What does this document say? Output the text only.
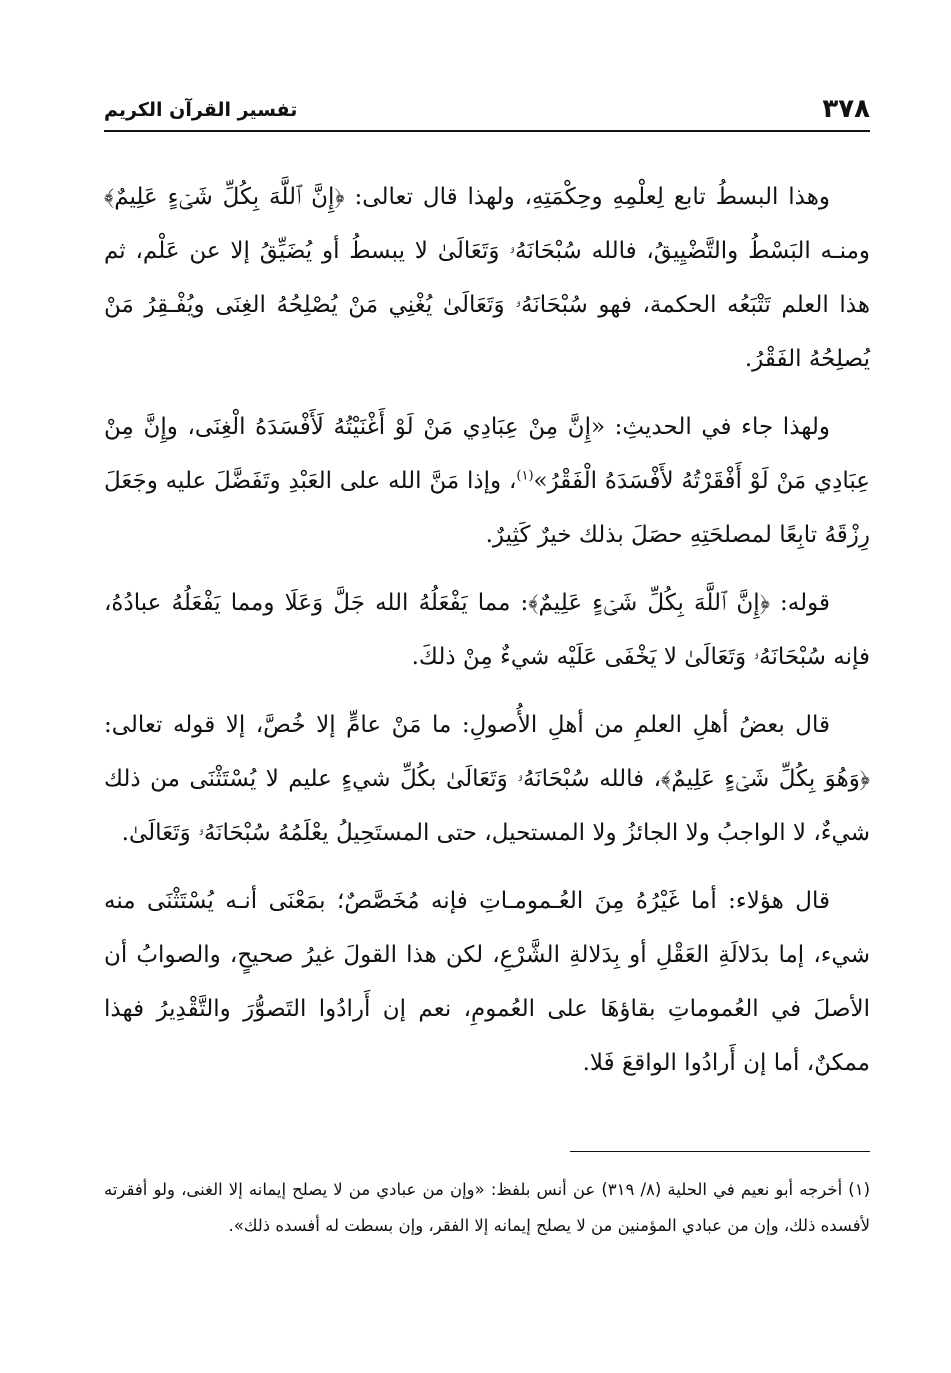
٣٧٨
تفسير القرآن الكريم

وهذا البسطُ تابع لِعلْمِهِ وحِكْمَتِهِ، ولهذا قال تعالى: ﴿إِنَّ ٱللَّهَ بِكُلِّ شَىۡءٍ عَلِيمٌ﴾ ومنـه البَسْطُ والتَّضْيِيقُ، فالله سُبْحَانَهُۥ وَتَعَالَىٰ لا يبسطُ أو يُضَيِّقُ إلا عن عَلْم، ثم هذا العلم تَتْبَعُه الحكمة، فهو سُبْحَانَهُۥ وَتَعَالَىٰ يُغْنِي مَنْ يُصْلِحُهُ الغِنَى ويُفْـقِرُ مَنْ يُصلِحُهُ الفَقْرُ.

ولهذا جاء في الحديثِ: «إِنَّ مِنْ عِبَادِي مَنْ لَوْ أَغْنَيْتُهُ لَأَفْسَدَهُ الْغِنَى، وإِنَّ مِنْ عِبَادِي مَنْ لَوْ أَفْقَرْتُهُ لأَفْسَدَهُ الْفَقْرُ»$^{(١)}$، وإذا مَنَّ الله على العَبْدِ وتَفَضَّلَ عليه وجَعَلَ رِزْقَهُ تابِعًا لمصلحَتِهِ حصَلَ بذلك خيرٌ كَثِيرٌ.

قوله: ﴿إِنَّ ٱللَّهَ بِكُلِّ شَىۡءٍ عَلِيمٌ﴾: مما يَفْعَلُهُ الله جَلَّ وَعَلَا ومما يَفْعَلُهُ عبادُهُ، فإنه سُبْحَانَهُۥ وَتَعَالَىٰ لا يَخْفَى عَلَيْه شيءٌ مِنْ ذلكَ.

قال بعضُ أهلِ العلمِ من أهلِ الأُصولِ: ما مَنْ عامٍّ إلا خُصَّ، إلا قوله تعالى: ﴿وَهُوَ بِكُلِّ شَىۡءٍ عَلِيمٌ﴾، فالله سُبْحَانَهُۥ وَتَعَالَىٰ بكُلِّ شيءٍ عليم لا يُسْتَثْنَى من ذلك شيءٌ، لا الواجبُ ولا الجائزُ ولا المستحيل، حتى المستَحِيلُ يعْلَمُهُ سُبْحَانَهُۥ وَتَعَالَىٰ.

قال هؤلاء: أما غَيْرُهُ مِنَ العُـمومـاتِ فإنه مُخَصَّصٌ؛ بمَعْنَى أنـه يُسْتَثْنَى منه شيء، إما بدَلالَةِ العَقْلِ أو بِدَلالةِ الشَّرْعِ، لكن هذا القولَ غيرُ صحيحٍ، والصوابُ أن الأصلَ في العُموماتِ بقاؤهَا على العُمومِ، نعم إن أَرادُوا التَصوُّرَ والتَّقْدِيرُ فهذا ممكنٌ، أما إن أَرادُوا الواقعَ فَلا.

(١) أخرجه أبو نعيم في الحلية (٨/ ٣١٩) عن أنس بلفظ: «وإن من عبادي من لا يصلح إيمانه إلا الغنى، ولو أفقرته لأفسده ذلك، وإن من عبادي المؤمنين من لا يصلح إيمانه إلا الفقر، وإن بسطت له أفسده ذلك».
